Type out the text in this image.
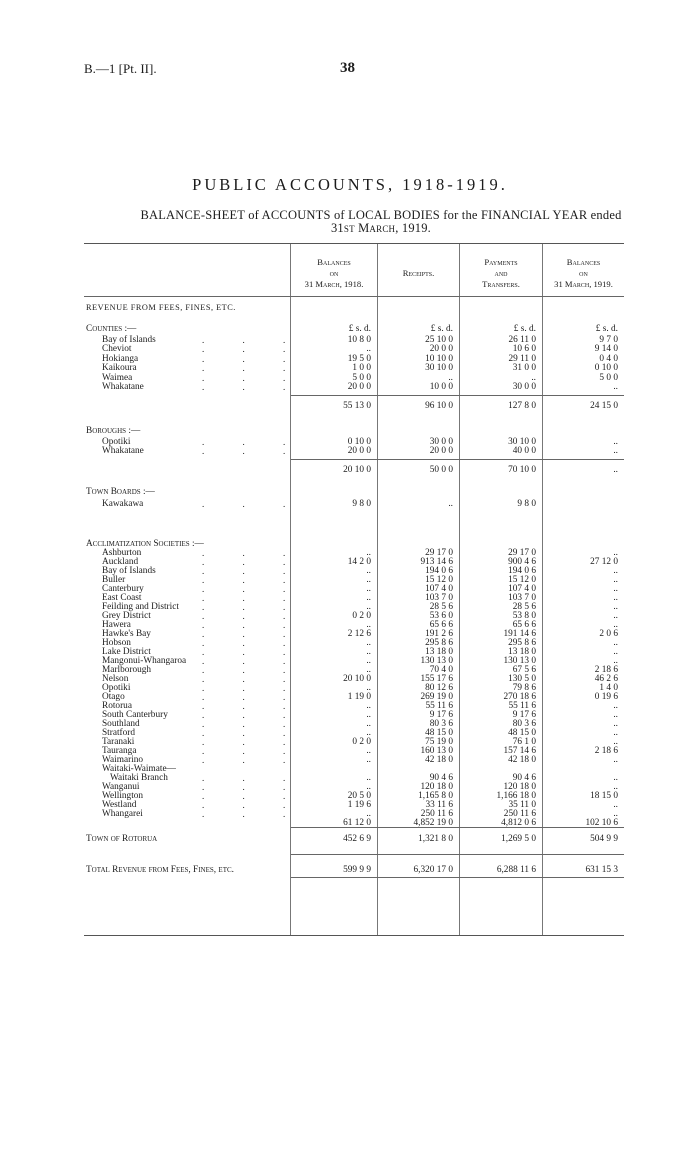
B.—1 [Pt. II].	38
PUBLIC ACCOUNTS, 1918-1919.
BALANCE-SHEET of ACCOUNTS of LOCAL BODIES for the FINANCIAL YEAR ended
31st March, 1919.
Balances
on
31 March, 1918.
Receipts.
Payments
and
Transfers.
Balances
on
31 March, 1919.
REVENUE FROM FEES, FINES, ETC.
Counties :—
Boroughs :—
Town Boards :—
Acclimatization Societies :—
£ s. d.	£ s. d.	£ s. d.	£ s. d.
Bay of Islands	. . .	10 8 0	25 10 0	26 11 0	9 7 0
Cheviot	. . .	..	20 0 0	10 6 0	9 14 0
Hokianga	. . .	19 5 0	10 10 0	29 11 0	0 4 0
Kaikoura	. . .	1 0 0	30 10 0	31 0 0	0 10 0
Waimea	. . .	5 0 0	..	..	5 0 0
Whakatane	. . .	20 0 0	10 0 0	30 0 0	..
55 13 0	96 10 0	127 8 0	24 15 0
Opotiki	. . .	0 10 0	30 0 0	30 10 0	..
Whakatane	. . .	20 0 0	20 0 0	40 0 0	..
20 10 0	50 0 0	70 10 0	..
Kawakawa	. . .	9 8 0	..	9 8 0
Ashburton	. . .	..	29 17 0	29 17 0	..
Auckland	. . .	14 2 0	913 14 6	900 4 6	27 12 0
Bay of Islands	. . .	..	194 0 6	194 0 6	..
Buller	. . .	..	15 12 0	15 12 0	..
Canterbury	. . .	..	107 4 0	107 4 0	..
East Coast	. . .	..	103 7 0	103 7 0	..
Feilding and District	. . .	..	28 5 6	28 5 6	..
Grey District	. . .	0 2 0	53 6 0	53 8 0	..
Hawera	. . .	..	65 6 6	65 6 6	..
Hawke's Bay	. . .	2 12 6	191 2 6	191 14 6	2 0 6
Hobson	. . .	..	295 8 6	295 8 6	..
Lake District	. . .	..	13 18 0	13 18 0	..
Mangonui-Whangaroa . . .	..	130 13 0	130 13 0	..
Marlborough	. . .	..	70 4 0	67 5 6	2 18 6
Nelson	. . .	20 10 0	155 17 6	130 5 0	46 2 6
Opotiki	. . .	..	80 12 6	79 8 6	1 4 0
Otago	. . .	1 19 0	269 19 0	270 18 6	0 19 6
Rotorua	. . .	..	55 11 6	55 11 6	..
South Canterbury	. . .	..	9 17 6	9 17 6	..
Southland	. . .	..	80 3 6	80 3 6	..
Stratford	. . .	..	48 15 0	48 15 0	..
Taranaki	. . .	0 2 0	75 19 0	76 1 0	..
Tauranga	. . .	..	160 13 0	157 14 6	2 18 6
Waimarino	. . .	..	42 18 0	42 18 0	..
Waitaki-Waimate—
Waitaki Branch	. . .	..	90 4 6	90 4 6	..
Wanganui	. . .	..	120 18 0	120 18 0	..
Wellington	. . .	20 5 0	1,165 8 0	1,166 18 0	18 15 0
Westland	. . .	1 19 6	33 11 6	35 11 0	..
Whangarei	. . .	..	250 11 6	250 11 6	..
61 12 0	4,852 19 0	4,812 0 6	102 10 6
Town of Rotorua	452 6 9	1,321 8 0	1,269 5 0	504 9 9
Total Revenue from Fees, Fines, etc.	599 9 9	6,320 17 0	6,288 11 6	631 15 3
